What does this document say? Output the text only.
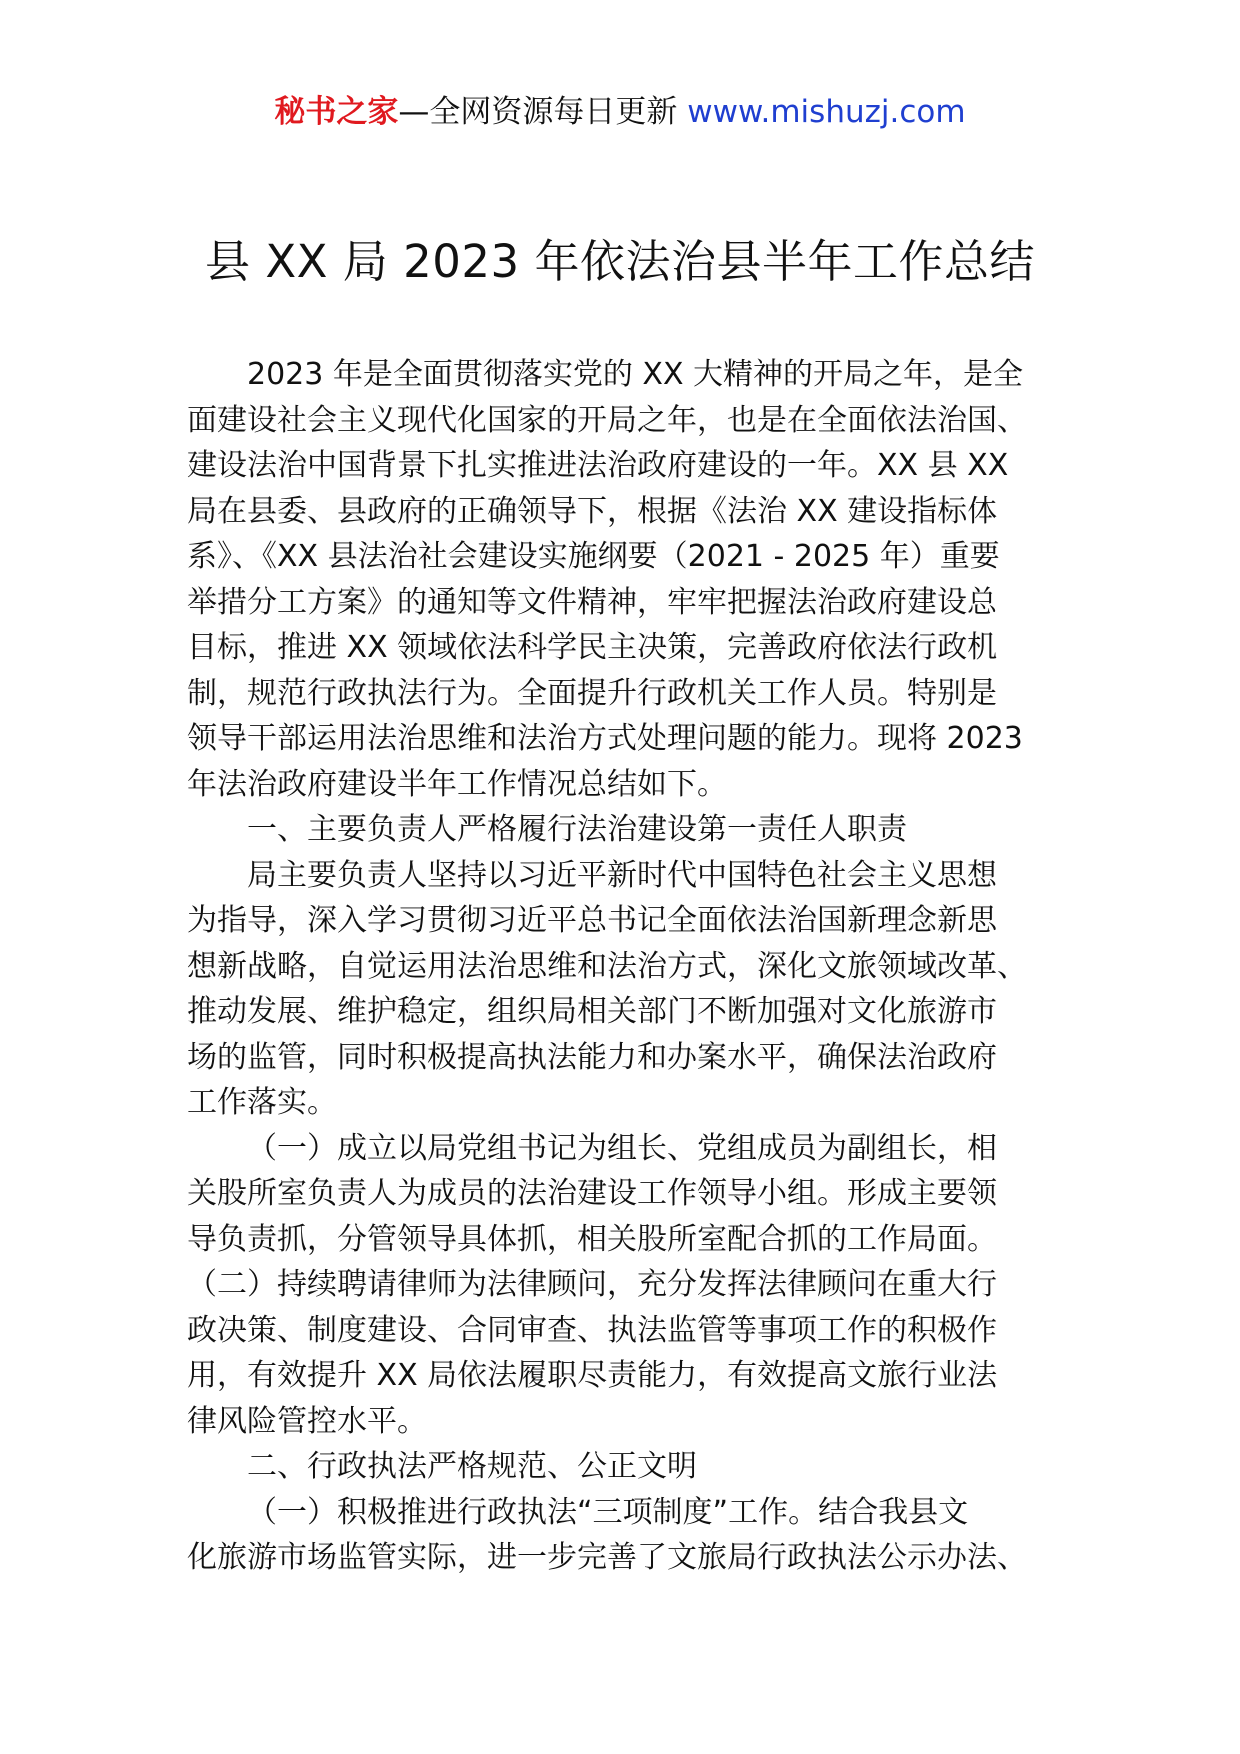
秘书之家—全网资源每日更新 www.mishuzj.com
县 XX 局 2023 年依法治县半年工作总结
2023 年是全面贯彻落实党的 XX 大精神的开局之年，是全
面建设社会主义现代化国家的开局之年，也是在全面依法治国、
建设法治中国背景下扎实推进法治政府建设的一年。XX 县 XX
局在县委、县政府的正确领导下，根据《法治 XX 建设指标体
系》、《XX 县法治社会建设实施纲要（2021 - 2025 年）重要
举措分工方案》的通知等文件精神，牢牢把握法治政府建设总
目标，推进 XX 领域依法科学民主决策，完善政府依法行政机
制，规范行政执法行为。全面提升行政机关工作人员。特别是
领导干部运用法治思维和法治方式处理问题的能力。现将 2023
年法治政府建设半年工作情况总结如下。
一、主要负责人严格履行法治建设第一责任人职责
局主要负责人坚持以习近平新时代中国特色社会主义思想
为指导，深入学习贯彻习近平总书记全面依法治国新理念新思
想新战略，自觉运用法治思维和法治方式，深化文旅领域改革、
推动发展、维护稳定，组织局相关部门不断加强对文化旅游市
场的监管，同时积极提高执法能力和办案水平，确保法治政府
工作落实。
（一）成立以局党组书记为组长、党组成员为副组长，相
关股所室负责人为成员的法治建设工作领导小组。形成主要领
导负责抓，分管领导具体抓，相关股所室配合抓的工作局面。
（二）持续聘请律师为法律顾问，充分发挥法律顾问在重大行
政决策、制度建设、合同审查、执法监管等事项工作的积极作
用，有效提升 XX 局依法履职尽责能力，有效提高文旅行业法
律风险管控水平。
二、行政执法严格规范、公正文明
（一）积极推进行政执法“三项制度”工作。结合我县文
化旅游市场监管实际，进一步完善了文旅局行政执法公示办法、
